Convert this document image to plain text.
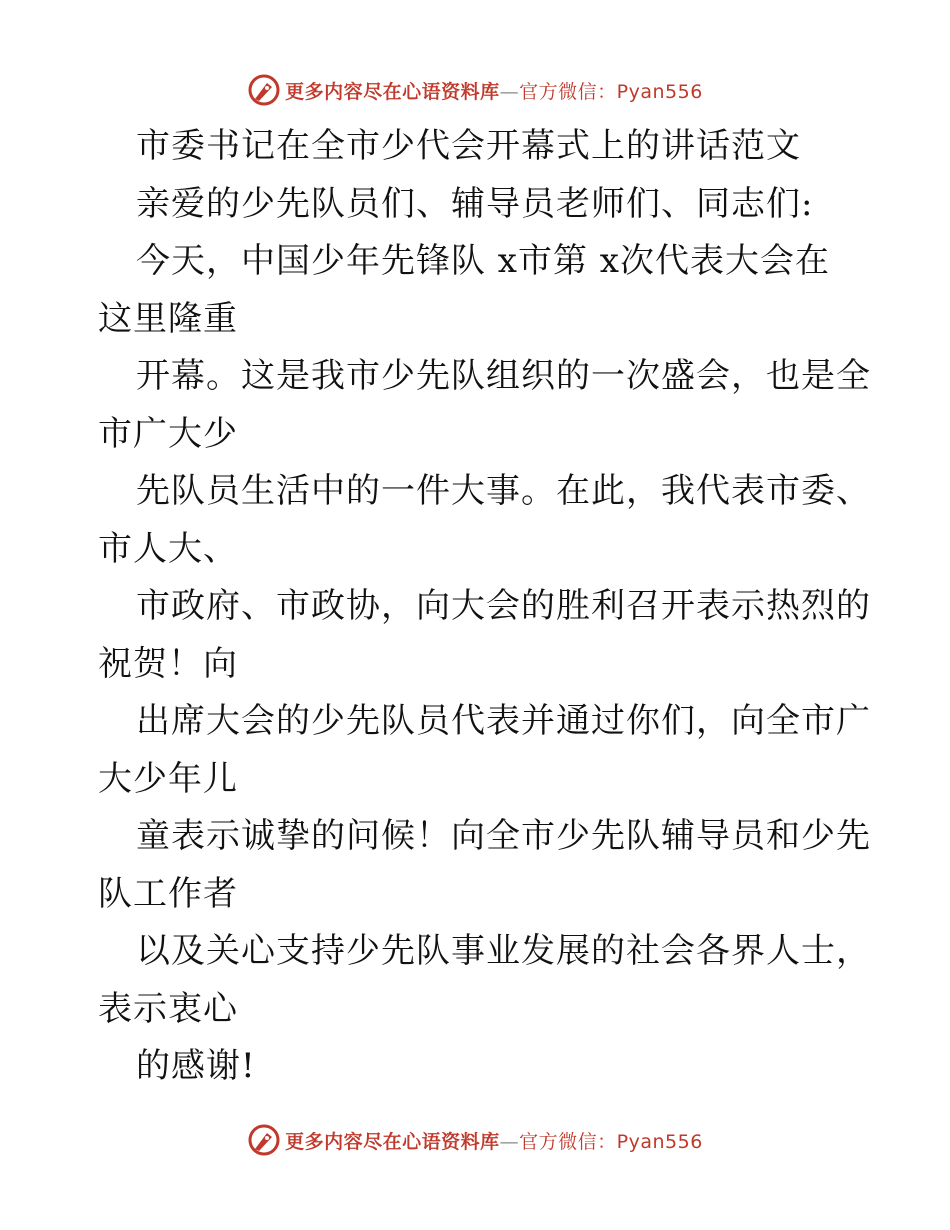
更多内容尽在心语资料库—官方微信：Pyan556
市委书记在全市少代会开幕式上的讲话范文
亲爱的少先队员们、辅导员老师们、同志们:
今天，中国少年先锋队 x市第 x次代表大会在
这里隆重
开幕。这是我市少先队组织的一次盛会，也是全
市广大少
先队员生活中的一件大事。在此，我代表市委、
市人大、
市政府、市政协，向大会的胜利召开表示热烈的
祝贺！向
出席大会的少先队员代表并通过你们，向全市广
大少年儿
童表示诚挚的问候！向全市少先队辅导员和少先
队工作者
以及关心支持少先队事业发展的社会各界人士，
表示衷心
的感谢!
更多内容尽在心语资料库—官方微信：Pyan556
